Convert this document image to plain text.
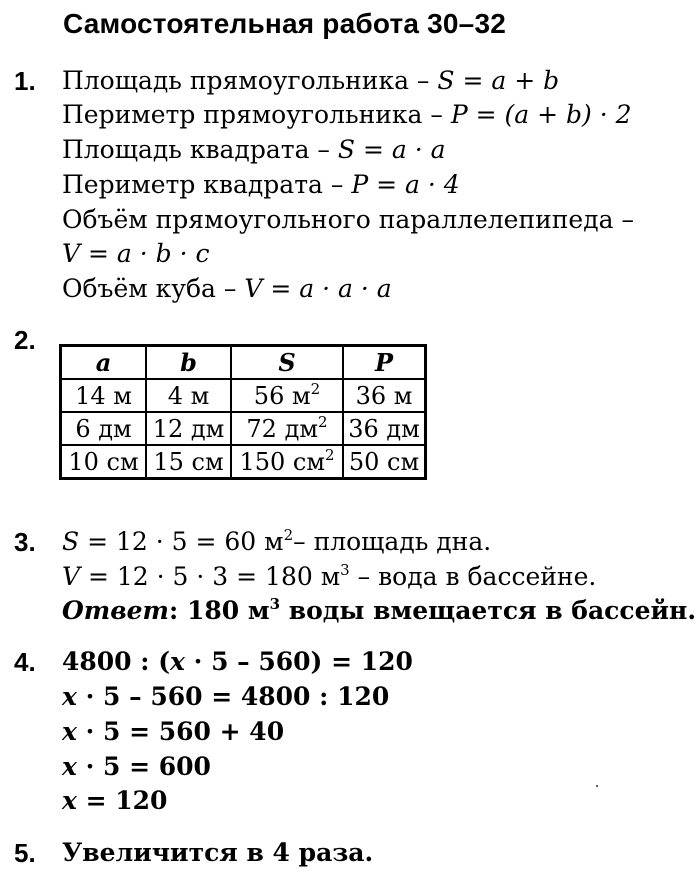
Самостоятельная работа 30–32
1. Площадь прямоугольника – S = a + b
Периметр прямоугольника – P = (a + b) · 2
Площадь квадрата – S = a · a
Периметр квадрата – P = a · 4
Объём прямоугольного параллелепипеда –
V = a · b · c
Объём куба – V = a · a · a
2.
a	b	S	P
14 м	4 м	56 $м^2$	36 м
6 дм	12 дм	72 $дм^2$	36 дм
10 см	15 см	150 $см^2$	50 см
3. S = 12 · 5 = 60 $м^2-$ площадь дна.
V = 12 · 5 · 3 = 180 $м^3$ – вода в бассейне.
Ответ: 180 $м^3$ воды вмещается в бассейн.
4. 4800 : (x · 5 – 560) = 120
x · 5 – 560 = 4800 : 120
x · 5 = 560 + 40
x · 5 = 600
x = 120
5. Увеличится в 4 раза.
